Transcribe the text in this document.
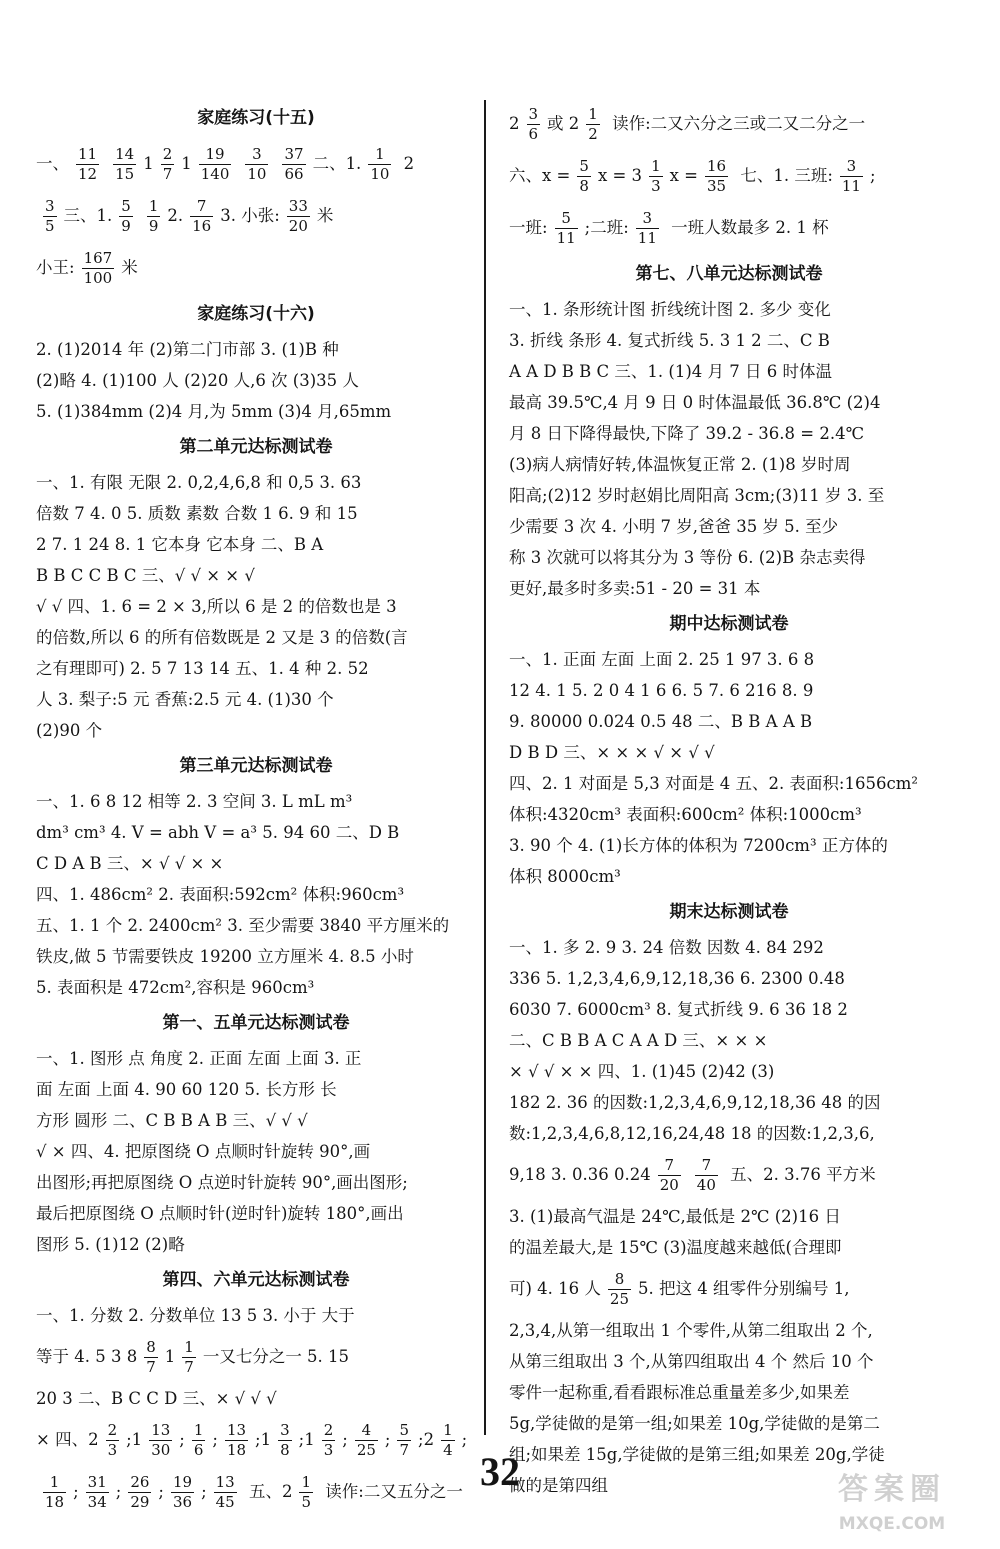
家庭练习(十五)
一、 $\frac{11}{12} \frac{14}{15} 1 \frac{2}{7} 1 \frac{19}{140} \frac{3}{10} \frac{37}{66}$ 二、1. $\frac{1}{10} 2$
$\frac{3}{5}$ 三、1. $\frac{5}{9} \frac{1}{9} 2$. $\frac{7}{16} 3$. 小张: $\frac{33}{20}$ 米
小王: $\frac{167}{100}$ 米
家庭练习(十六)
2. (1)2014 年 (2)第二门市部 3. (1)B 种
(2)略 4. (1)100 人 (2)20 人,6 次 (3)35 人
5. (1)384mm (2)4 月,为 5mm (3)4 月,65mm
第二单元达标测试卷
一、1. 有限 无限 2. 0,2,4,6,8 和 0,5 3. 63
倍数 7 4. 0 5. 质数 素数 合数 1 6. 9 和 15
2 7. 1 24 8. 1 它本身 它本身 二、B A
B B C C B C 三、√ √ × × √
√ √ 四、1. 6 = 2 × 3,所以 6 是 2 的倍数也是 3
的倍数,所以 6 的所有倍数既是 2 又是 3 的倍数(言
之有理即可) 2. 5 7 13 14 五、1. 4 种 2. 52
人 3. 梨子:5 元 香蕉:2.5 元 4. (1)30 个
(2)90 个
第三单元达标测试卷
一、1. 6 8 12 相等 2. 3 空间 3. L mL m³
dm³ cm³ 4. V = abh V = a³ 5. 94 60 二、D B
C D A B 三、× √ √ × ×
四、1. 486cm² 2. 表面积:592cm² 体积:960cm³
五、1. 1 个 2. 2400cm² 3. 至少需要 3840 平方厘米的
铁皮,做 5 节需要铁皮 19200 立方厘米 4. 8.5 小时
5. 表面积是 472cm²,容积是 960cm³
第一、五单元达标测试卷
一、1. 图形 点 角度 2. 正面 左面 上面 3. 正
面 左面 上面 4. 90 60 120 5. 长方形 长
方形 圆形 二、C B B A B 三、√ √ √
√ × 四、4. 把原图绕 O 点顺时针旋转 90°,画
出图形;再把原图绕 O 点逆时针旋转 90°,画出图形;
最后把原图绕 O 点顺时针(逆时针)旋转 180°,画出
图形 5. (1)12 (2)略
第四、六单元达标测试卷
一、1. 分数 2. 分数单位 13 5 3. 小于 大于
等于 4. 5 3 $8 \frac{8}{7} 1 \frac{1}{7}$ 一又七分之一 5. 15
20 3 二、B C C D 三、× √ √ √
× 四、$2 \frac{2}{3}$ ;1 $\frac{13}{30}$ ; $\frac{1}{6}$ ; $\frac{13}{18}$ ;1 $\frac{3}{8}$ ;1 $\frac{2}{3}$ ; $\frac{4}{25}$ ; $\frac{5}{7}$ ;2 $\frac{1}{4}$ ;
$\frac{1}{18}$ ; $\frac{31}{34}$ ; $\frac{26}{29}$ ; $\frac{19}{36}$ ; $\frac{13}{45}$ 五、$2 \frac{1}{5}$ 读作:二又五分之一
$2 \frac{3}{6}$ 或 $2 \frac{1}{2}$ 读作:二又六分之三或二又二分之一
六、$x = \frac{5}{8}$ $x = 3 \frac{1}{3}$ $x = \frac{16}{35}$ 七、1. 三班: $\frac{3}{11}$ ;
一班: $\frac{5}{11}$ ;二班: $\frac{3}{11}$ 一班人数最多 2. 1 杯
第七、八单元达标测试卷
一、1. 条形统计图 折线统计图 2. 多少 变化
3. 折线 条形 4. 复式折线 5. 3 1 2 二、C B
A A D B B C 三、1. (1)4 月 7 日 6 时体温
最高 39.5℃,4 月 9 日 0 时体温最低 36.8℃ (2)4
月 8 日下降得最快,下降了 39.2 - 36.8 = 2.4℃
(3)病人病情好转,体温恢复正常 2. (1)8 岁时周
阳高;(2)12 岁时赵娟比周阳高 3cm;(3)11 岁 3. 至
少需要 3 次 4. 小明 7 岁,爸爸 35 岁 5. 至少
称 3 次就可以将其分为 3 等份 6. (2)B 杂志卖得
更好,最多时多卖:51 - 20 = 31 本
期中达标测试卷
一、1. 正面 左面 上面 2. 25 1 97 3. 6 8
12 4. 1 5. 2 0 4 1 6 6. 5 7. 6 216 8. 9
9. 80000 0.024 0.5 48 二、B B A A B
D B D 三、× × × √ × √ √
四、2. 1 对面是 5,3 对面是 4 五、2. 表面积:1656cm²
体积:4320cm³ 表面积:600cm² 体积:1000cm³
3. 90 个 4. (1)长方体的体积为 7200cm³ 正方体的
体积 8000cm³
期末达标测试卷
一、1. 多 2. 9 3. 24 倍数 因数 4. 84 292
336 5. 1,2,3,4,6,9,12,18,36 6. 2300 0.48
6030 7. 6000cm³ 8. 复式折线 9. 6 36 18 2
二、C B B A C A A D 三、× × ×
× √ √ × × 四、1. (1)45 (2)42 (3)
182 2. 36 的因数:1,2,3,4,6,9,12,18,36 48 的因
数:1,2,3,4,6,8,12,16,24,48 18 的因数:1,2,3,6,
9,18 3. 0.36 $0.24 \frac{7}{20} \frac{7}{40}$ 五、2. 3.76 平方米
3. (1)最高气温是 24℃,最低是 2℃ (2)16 日
的温差最大,是 15℃ (3)温度越来越低(合理即
可) 4. 16 人 $\frac{8}{25} 5$. 把这 4 组零件分别编号 1,
2,3,4,从第一组取出 1 个零件,从第二组取出 2 个,
从第三组取出 3 个,从第四组取出 4 个 然后 10 个
零件一起称重,看看跟标准总重量差多少,如果差
5g,学徒做的是第一组;如果差 10g,学徒做的是第二
组;如果差 15g,学徒做的是第三组;如果差 20g,学徒
做的是第四组
32	答案圈
MXQE.COM
